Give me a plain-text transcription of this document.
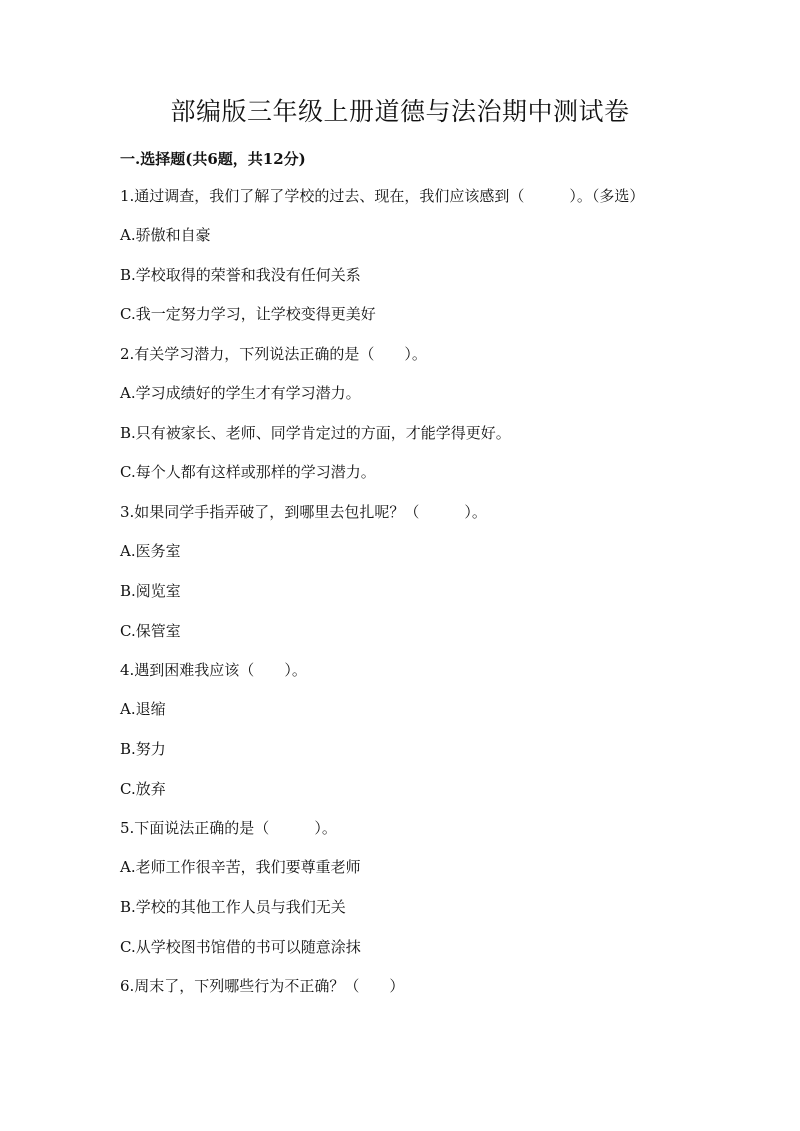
部编版三年级上册道德与法治期中测试卷
一.选择题(共6题，共12分)

1.通过调查，我们了解了学校的过去、现在，我们应该感到（　　　）。（多选）

A.骄傲和自豪

B.学校取得的荣誉和我没有任何关系

C.我一定努力学习，让学校变得更美好

2.有关学习潜力，下列说法正确的是（　　）。

A.学习成绩好的学生才有学习潜力。

B.只有被家长、老师、同学肯定过的方面，才能学得更好。

C.每个人都有这样或那样的学习潜力。

3.如果同学手指弄破了，到哪里去包扎呢？（　　　）。

A.医务室

B.阅览室

C.保管室

4.遇到困难我应该（　　）。

A.退缩

B.努力

C.放弃

5.下面说法正确的是（　　　）。

A.老师工作很辛苦，我们要尊重老师

B.学校的其他工作人员与我们无关

C.从学校图书馆借的书可以随意涂抹

6.周末了，下列哪些行为不正确？（　　）
